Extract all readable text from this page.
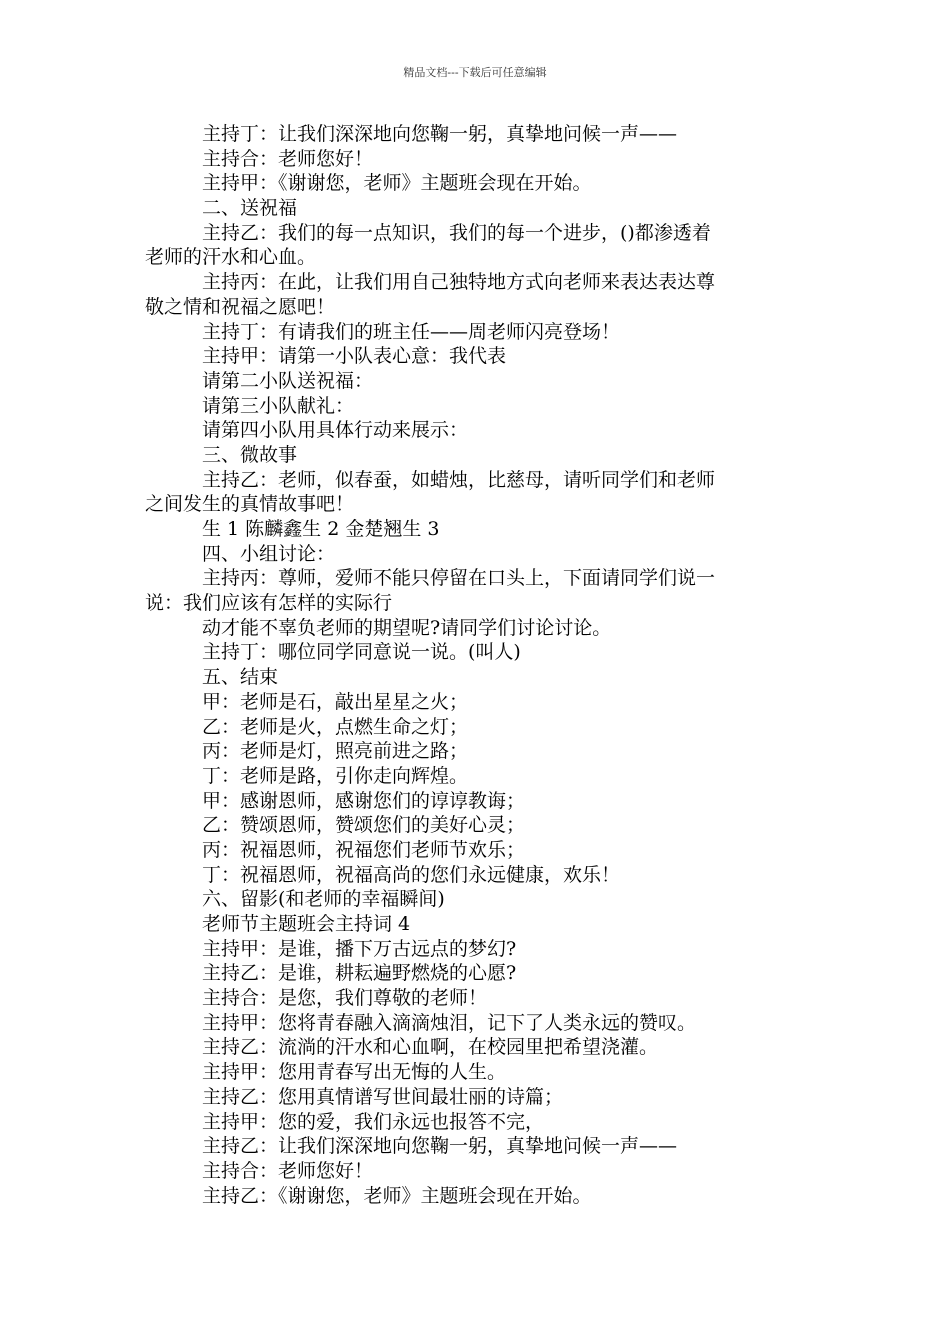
精品文档---下载后可任意编辑
主持丁：让我们深深地向您鞠一躬，真挚地问候一声——
主持合：老师您好！
主持甲：《谢谢您，老师》主题班会现在开始。
二、送祝福
主持乙：我们的每一点知识，我们的每一个进步，()都渗透着
老师的汗水和心血。
主持丙：在此，让我们用自己独特地方式向老师来表达表达尊
敬之情和祝福之愿吧！
主持丁：有请我们的班主任——周老师闪亮登场！
主持甲：请第一小队表心意：我代表
请第二小队送祝福：
请第三小队献礼：
请第四小队用具体行动来展示：
三、微故事
主持乙：老师，似春蚕，如蜡烛，比慈母，请听同学们和老师
之间发生的真情故事吧！
生 1 陈麟鑫生 2 金楚翘生 3
四、小组讨论：
主持丙：尊师，爱师不能只停留在口头上，下面请同学们说一
说：我们应该有怎样的实际行
动才能不辜负老师的期望呢?请同学们讨论讨论。
主持丁：哪位同学同意说一说。(叫人)
五、结束
甲：老师是石，敲出星星之火；
乙：老师是火，点燃生命之灯；
丙：老师是灯，照亮前进之路；
丁：老师是路，引你走向辉煌。
甲：感谢恩师，感谢您们的谆谆教诲；
乙：赞颂恩师，赞颂您们的美好心灵；
丙：祝福恩师，祝福您们老师节欢乐；
丁：祝福恩师，祝福高尚的您们永远健康，欢乐！
六、留影(和老师的幸福瞬间)
老师节主题班会主持词 4
主持甲：是谁，播下万古远点的梦幻?
主持乙：是谁，耕耘遍野燃烧的心愿?
主持合：是您，我们尊敬的老师！
主持甲：您将青春融入滴滴烛泪，记下了人类永远的赞叹。
主持乙：流淌的汗水和心血啊，在校园里把希望浇灌。
主持甲：您用青春写出无悔的人生。
主持乙：您用真情谱写世间最壮丽的诗篇；
主持甲：您的爱，我们永远也报答不完，
主持乙：让我们深深地向您鞠一躬，真挚地问候一声——
主持合：老师您好！
主持乙：《谢谢您，老师》主题班会现在开始。
